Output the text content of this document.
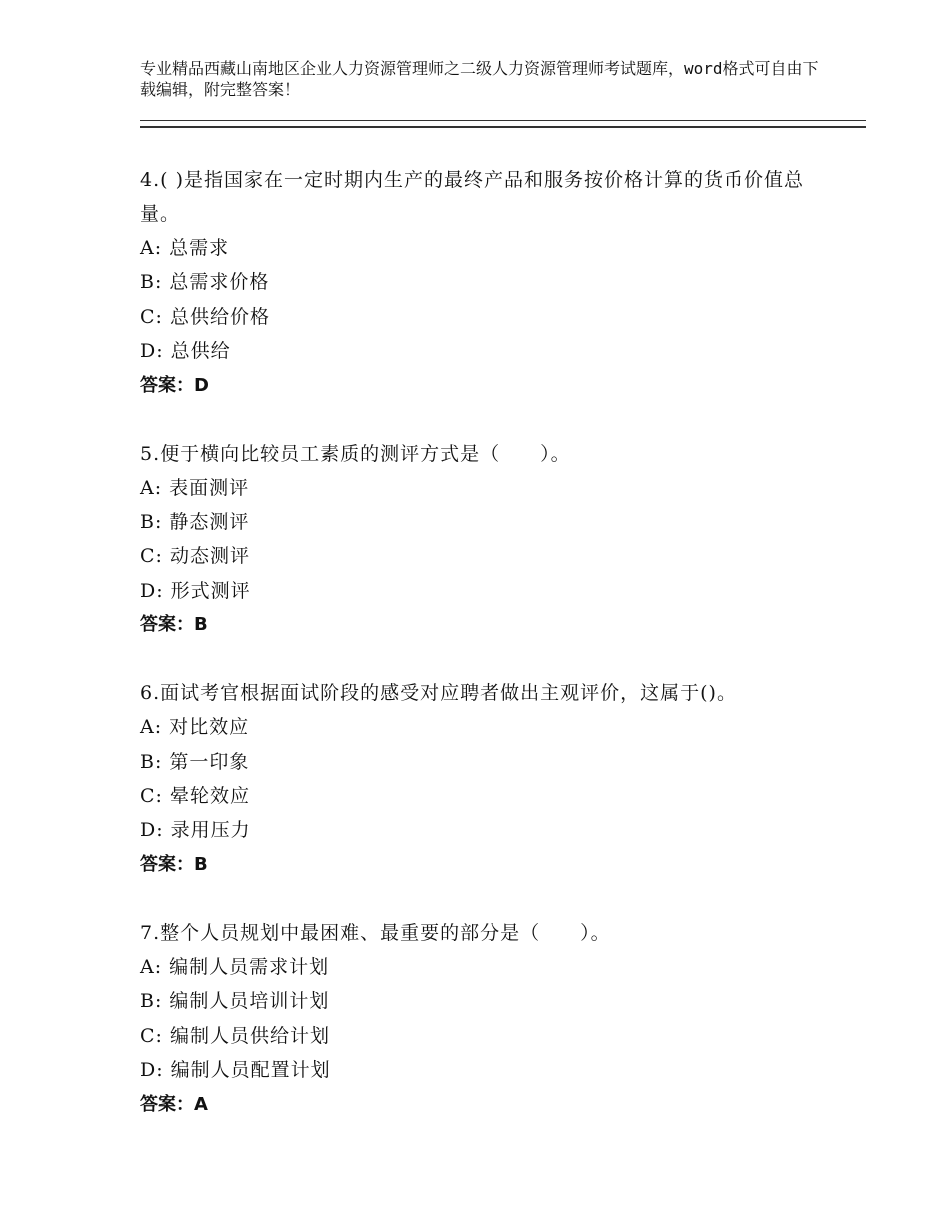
专业精品西藏山南地区企业人力资源管理师之二级人力资源管理师考试题库，word格式可自由下载编辑，附完整答案！
4.( )是指国家在一定时期内生产的最终产品和服务按价格计算的货币价值总量。
A: 总需求
B: 总需求价格
C: 总供给价格
D: 总供给
答案：D
5.便于横向比较员工素质的测评方式是（　　）。
A: 表面测评
B: 静态测评
C: 动态测评
D: 形式测评
答案：B
6.面试考官根据面试阶段的感受对应聘者做出主观评价，这属于()。
A: 对比效应
B: 第一印象
C: 晕轮效应
D: 录用压力
答案：B
7.整个人员规划中最困难、最重要的部分是（　　）。
A: 编制人员需求计划
B: 编制人员培训计划
C: 编制人员供给计划
D: 编制人员配置计划
答案：A
